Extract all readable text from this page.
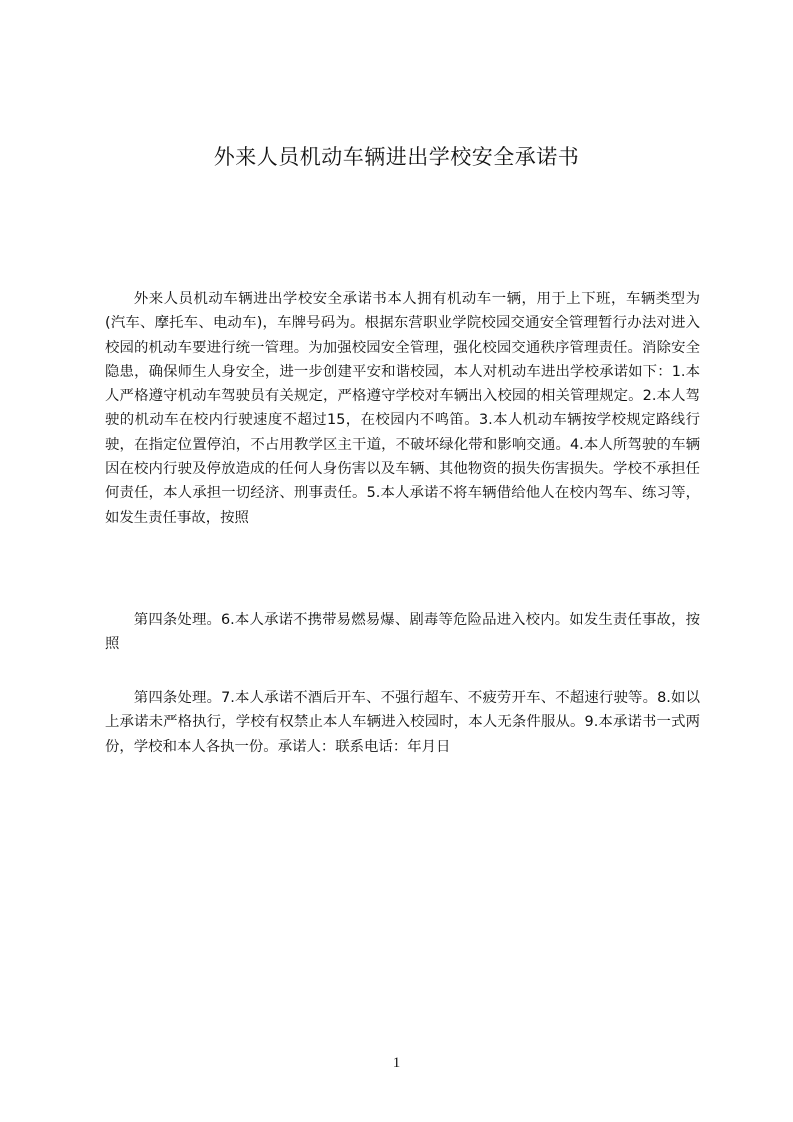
外来人员机动车辆进出学校安全承诺书

外来人员机动车辆进出学校安全承诺书本人拥有机动车一辆，用于上下班，车辆类型为(汽车、摩托车、电动车)，车牌号码为。根据东营职业学院校园交通安全管理暂行办法对进入校园的机动车要进行统一管理。为加强校园安全管理，强化校园交通秩序管理责任。消除安全隐患，确保师生人身安全，进一步创建平安和谐校园，本人对机动车进出学校承诺如下：1.本人严格遵守机动车驾驶员有关规定，严格遵守学校对车辆出入校园的相关管理规定。2.本人驾驶的机动车在校内行驶速度不超过15，在校园内不鸣笛。3.本人机动车辆按学校规定路线行驶，在指定位置停泊，不占用教学区主干道，不破坏绿化带和影响交通。4.本人所驾驶的车辆因在校内行驶及停放造成的任何人身伤害以及车辆、其他物资的损失伤害损失。学校不承担任何责任，本人承担一切经济、刑事责任。5.本人承诺不将车辆借给他人在校内驾车、练习等，如发生责任事故，按照

第四条处理。6.本人承诺不携带易燃易爆、剧毒等危险品进入校内。如发生责任事故，按照

第四条处理。7.本人承诺不酒后开车、不强行超车、不疲劳开车、不超速行驶等。8.如以上承诺未严格执行，学校有权禁止本人车辆进入校园时，本人无条件服从。9.本承诺书一式两份，学校和本人各执一份。承诺人：联系电话：年月日

1
